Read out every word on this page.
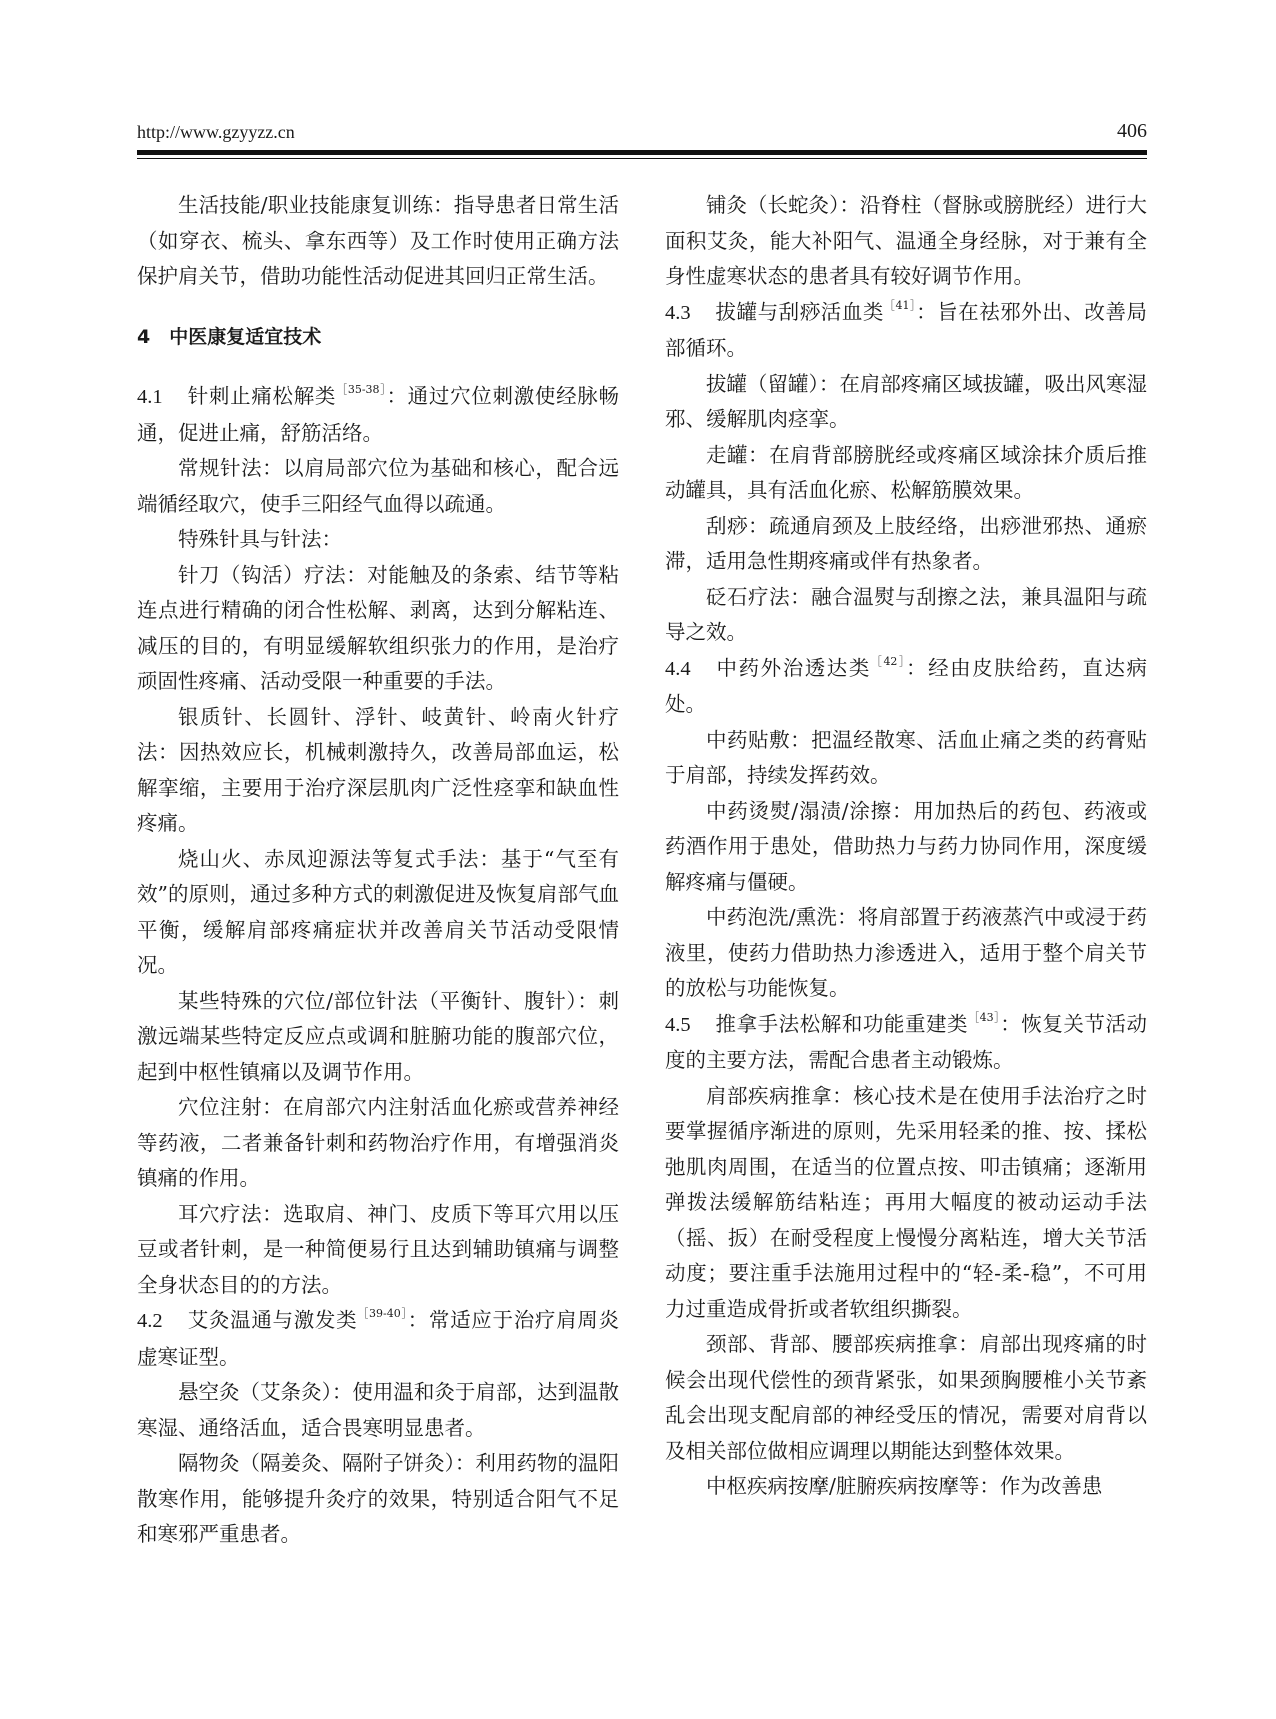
http://www.gzyyzz.cn	406

生活技能/职业技能康复训练：指导患者日常生活（如穿衣、梳头、拿东西等）及工作时使用正确方法保护肩关节，借助功能性活动促进其回归正常生活。

4　中医康复适宜技术

4.1 针刺止痛松解类$^{[35-38]}$：通过穴位刺激使经脉畅通，促进止痛，舒筋活络。

常规针法：以肩局部穴位为基础和核心，配合远端循经取穴，使手三阳经气血得以疏通。

特殊针具与针法：

针刀（钩活）疗法：对能触及的条索、结节等粘连点进行精确的闭合性松解、剥离，达到分解粘连、减压的目的，有明显缓解软组织张力的作用，是治疗顽固性疼痛、活动受限一种重要的手法。

银质针、长圆针、浮针、岐黄针、岭南火针疗法：因热效应长，机械刺激持久，改善局部血运，松解挛缩，主要用于治疗深层肌肉广泛性痉挛和缺血性疼痛。

烧山火、赤凤迎源法等复式手法：基于“气至有效”的原则，通过多种方式的刺激促进及恢复肩部气血平衡，缓解肩部疼痛症状并改善肩关节活动受限情况。

某些特殊的穴位/部位针法（平衡针、腹针）：刺激远端某些特定反应点或调和脏腑功能的腹部穴位，起到中枢性镇痛以及调节作用。

穴位注射：在肩部穴内注射活血化瘀或营养神经等药液，二者兼备针刺和药物治疗作用，有增强消炎镇痛的作用。

耳穴疗法：选取肩、神门、皮质下等耳穴用以压豆或者针刺，是一种简便易行且达到辅助镇痛与调整全身状态目的的方法。

4.2 艾灸温通与激发类$^{[39-40]}$：常适应于治疗肩周炎虚寒证型。

悬空灸（艾条灸）：使用温和灸于肩部，达到温散寒湿、通络活血，适合畏寒明显患者。

隔物灸（隔姜灸、隔附子饼灸）：利用药物的温阳散寒作用，能够提升灸疗的效果，特别适合阳气不足和寒邪严重患者。

铺灸（长蛇灸）：沿脊柱（督脉或膀胱经）进行大面积艾灸，能大补阳气、温通全身经脉，对于兼有全身性虚寒状态的患者具有较好调节作用。

4.3 拔罐与刮痧活血类$^{[41]}$：旨在祛邪外出、改善局部循环。

拔罐（留罐）：在肩部疼痛区域拔罐，吸出风寒湿邪、缓解肌肉痉挛。

走罐：在肩背部膀胱经或疼痛区域涂抹介质后推动罐具，具有活血化瘀、松解筋膜效果。

刮痧：疏通肩颈及上肢经络，出痧泄邪热、通瘀滞，适用急性期疼痛或伴有热象者。

砭石疗法：融合温熨与刮擦之法，兼具温阳与疏导之效。

4.4 中药外治透达类$^{[42]}$：经由皮肤给药，直达病处。

中药贴敷：把温经散寒、活血止痛之类的药膏贴于肩部，持续发挥药效。

中药烫熨/溻渍/涂擦：用加热后的药包、药液或药酒作用于患处，借助热力与药力协同作用，深度缓解疼痛与僵硬。

中药泡洗/熏洗：将肩部置于药液蒸汽中或浸于药液里，使药力借助热力渗透进入，适用于整个肩关节的放松与功能恢复。

4.5 推拿手法松解和功能重建类$^{[43]}$：恢复关节活动度的主要方法，需配合患者主动锻炼。

肩部疾病推拿：核心技术是在使用手法治疗之时要掌握循序渐进的原则，先采用轻柔的推、按、揉松弛肌肉周围，在适当的位置点按、叩击镇痛；逐渐用弹拨法缓解筋结粘连；再用大幅度的被动运动手法（摇、扳）在耐受程度上慢慢分离粘连，增大关节活动度；要注重手法施用过程中的“轻-柔-稳”，不可用力过重造成骨折或者软组织撕裂。

颈部、背部、腰部疾病推拿：肩部出现疼痛的时候会出现代偿性的颈背紧张，如果颈胸腰椎小关节紊乱会出现支配肩部的神经受压的情况，需要对肩背以及相关部位做相应调理以期能达到整体效果。

中枢疾病按摩/脏腑疾病按摩等：作为改善患
